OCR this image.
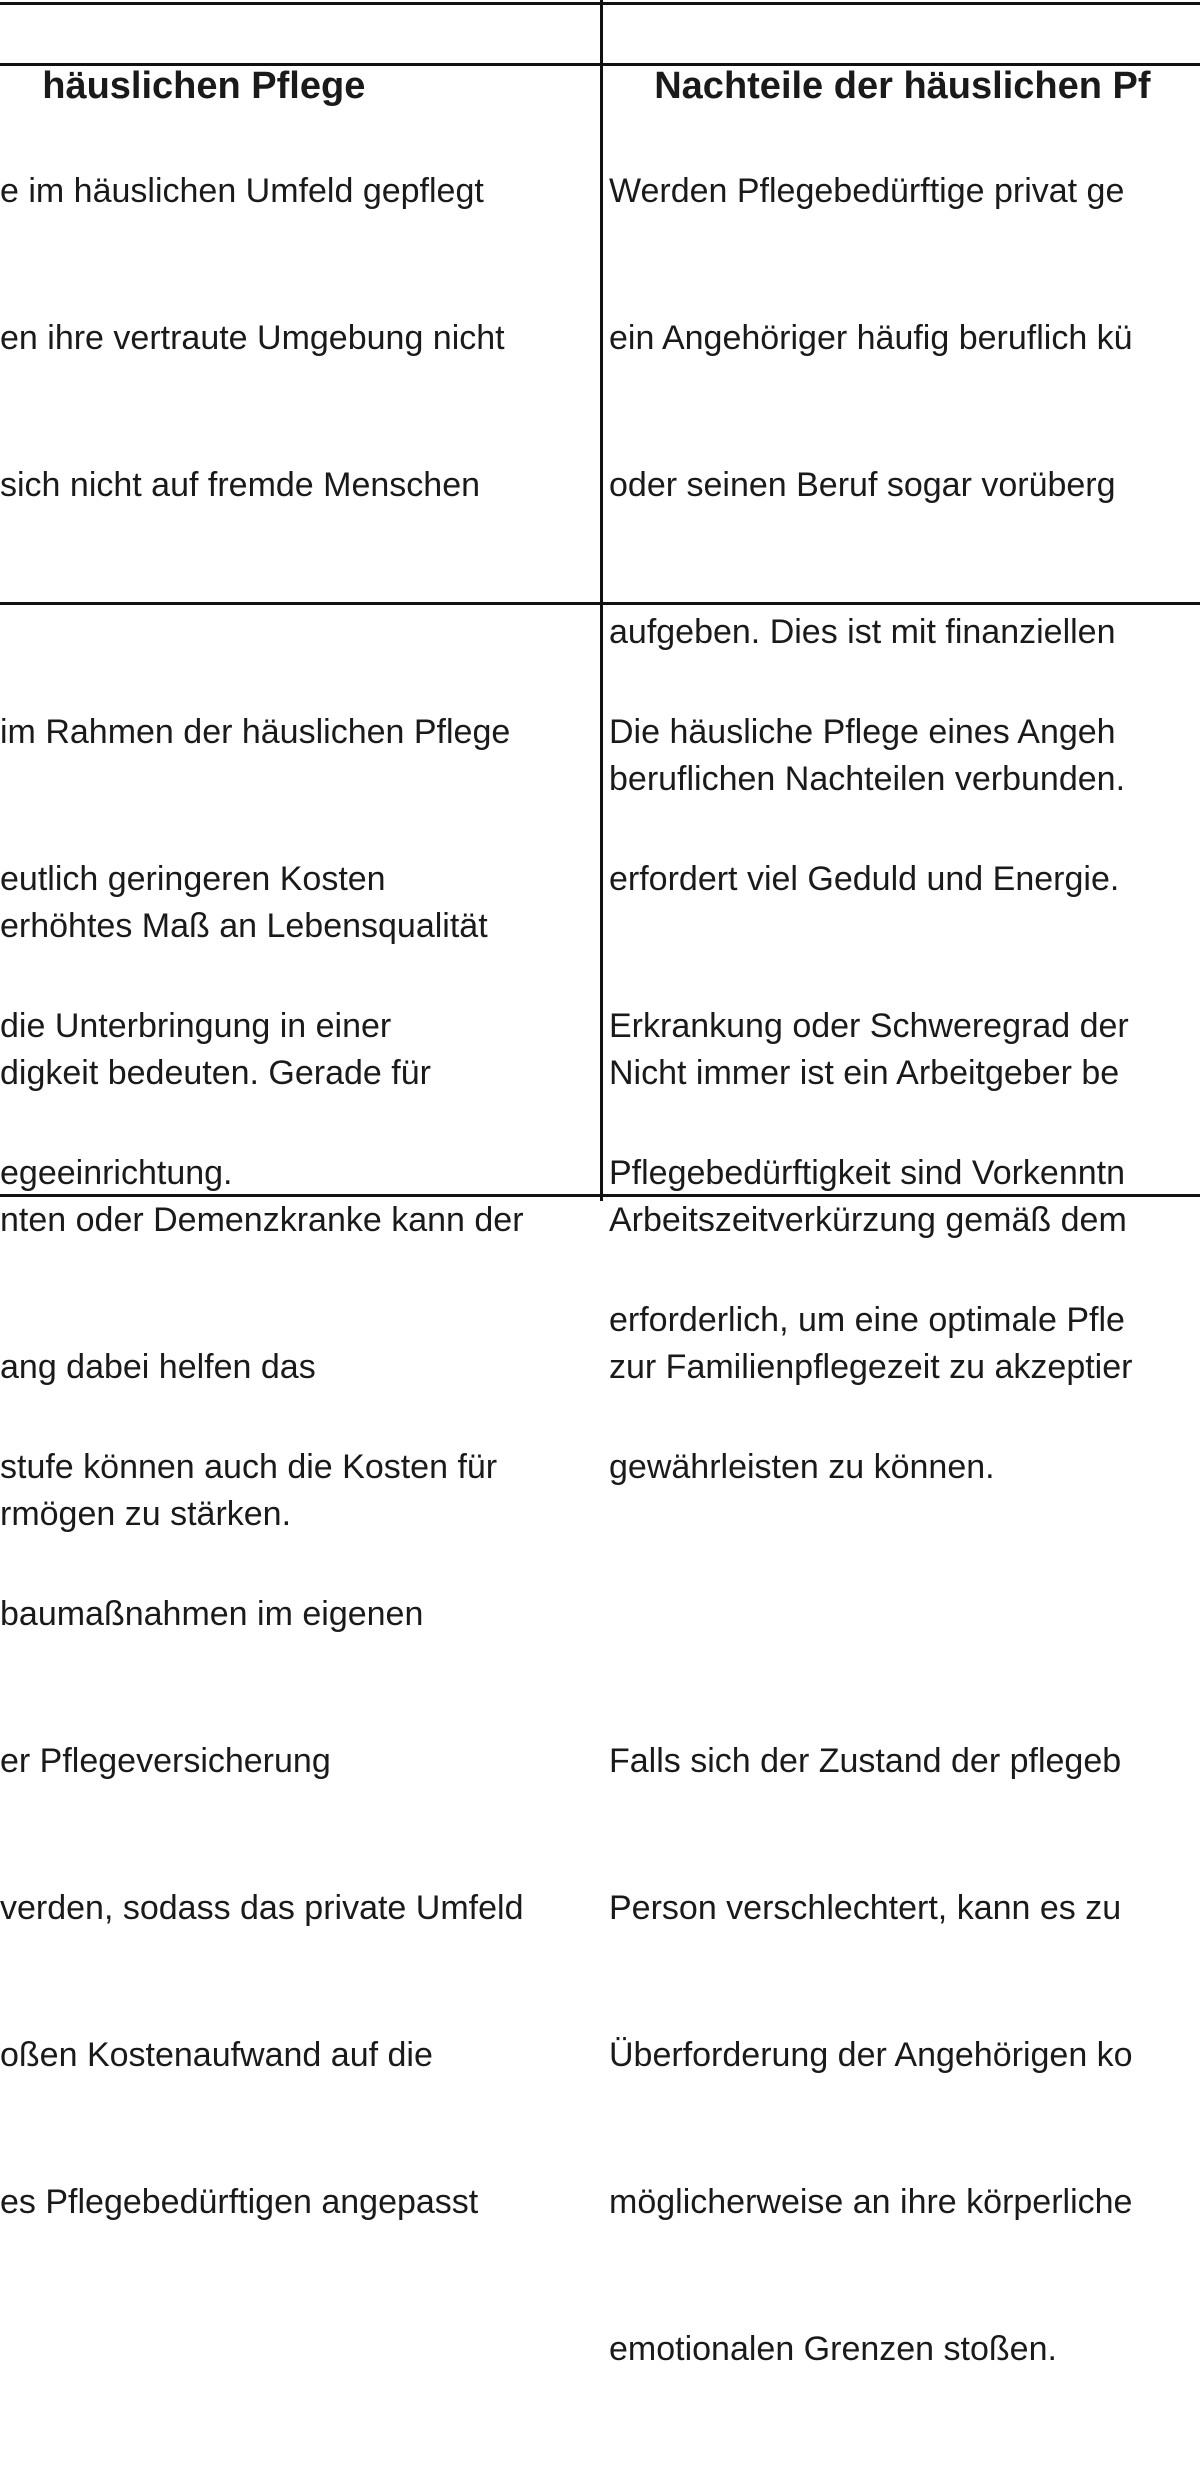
häuslichen Pflege
	Nachteile der häuslichen Pf

e im häuslichen Umfeld gepflegt

en ihre vertraute Umgebung nicht

sich nicht auf fremde Menschen

erhöhtes Maß an Lebensqualität

digkeit bedeuten. Gerade für

nten oder Demenzkranke kann der

ang dabei helfen das

rmögen zu stärken.

Werden Pflegebedürftige privat ge

ein Angehöriger häufig beruflich kü

oder seinen Beruf sogar vorüberg

aufgeben. Dies ist mit finanziellen

beruflichen Nachteilen verbunden.

Nicht immer ist ein Arbeitgeber be

Arbeitszeitverkürzung gemäß dem

zur Familienpflegezeit zu akzeptier

im Rahmen der häuslichen Pflege

eutlich geringeren Kosten

die Unterbringung in einer

egeeinrichtung.

stufe können auch die Kosten für

baumaßnahmen im eigenen

er Pflegeversicherung

verden, sodass das private Umfeld

oßen Kostenaufwand auf die

es Pflegebedürftigen angepasst

Die häusliche Pflege eines Angeh

erfordert viel Geduld und Energie.

Erkrankung oder Schweregrad der

Pflegebedürftigkeit sind Vorkenntn

erforderlich, um eine optimale Pfle

gewährleisten zu können.

Falls sich der Zustand der pflegeb

Person verschlechtert, kann es zu

Überforderung der Angehörigen ko

möglicherweise an ihre körperliche

emotionalen Grenzen stoßen.
